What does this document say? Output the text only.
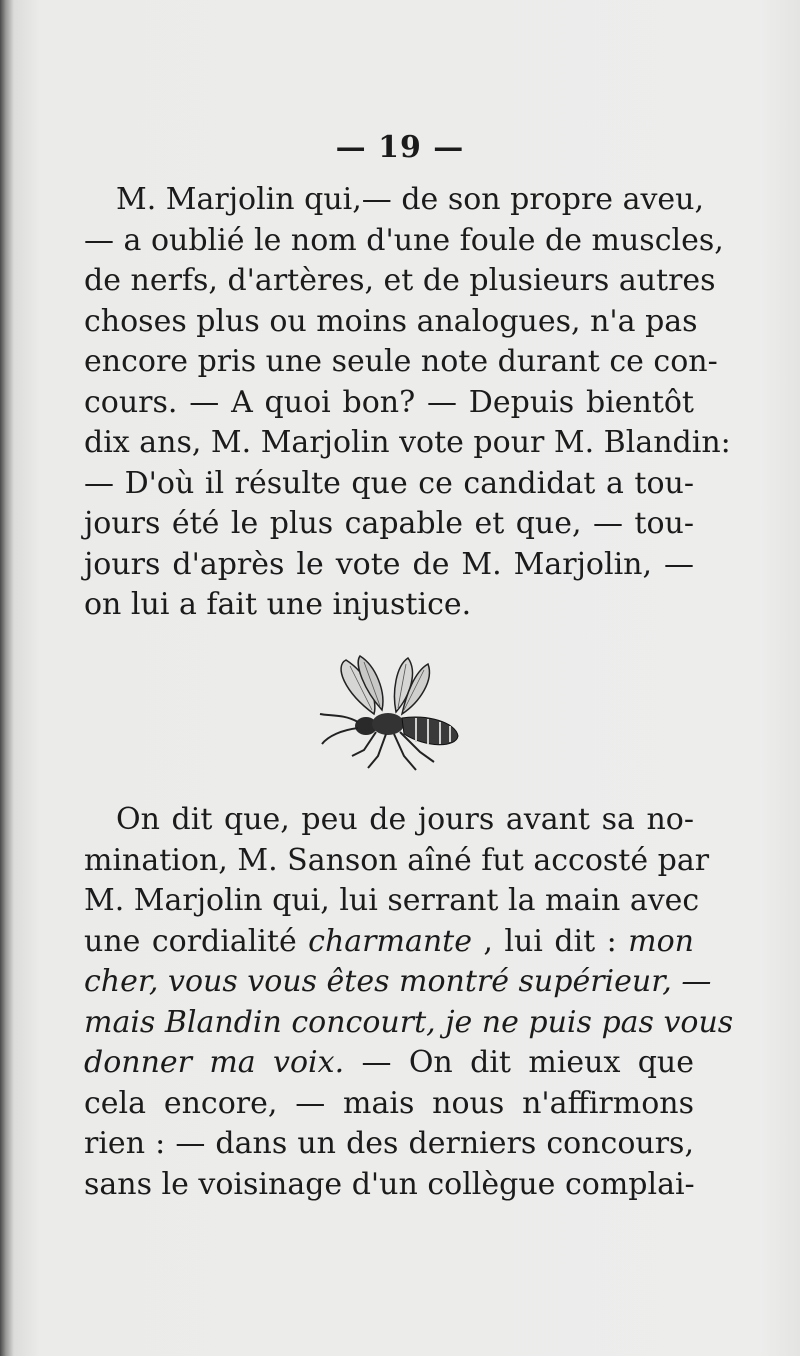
— 19 —
M. Marjolin qui,— de son propre aveu,
— a oublié le nom d'une foule de muscles,
de nerfs, d'artères, et de plusieurs autres
choses plus ou moins analogues, n'a pas
encore pris une seule note durant ce con-
cours. — A quoi bon? — Depuis bientôt
dix ans, M. Marjolin vote pour M. Blandin:
— D'où il résulte que ce candidat a tou-
jours été le plus capable et que, — tou-
jours d'après le vote de M. Marjolin, —
on lui a fait une injustice.
On dit que, peu de jours avant sa no-
mination, M. Sanson aîné fut accosté par
M. Marjolin qui, lui serrant la main avec
une cordialité charmante , lui dit : mon
cher, vous vous êtes montré supérieur, —
mais Blandin concourt, je ne puis pas vous
donner ma voix. — On dit mieux que
cela encore, — mais nous n'affirmons
rien : — dans un des derniers concours,
sans le voisinage d'un collègue complai-
